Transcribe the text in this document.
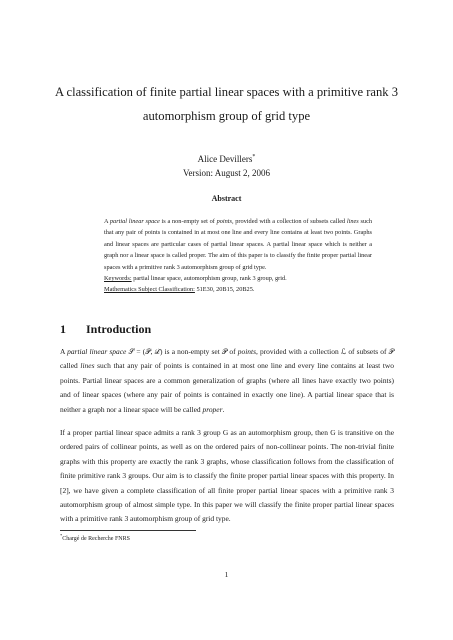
A classification of finite partial linear spaces with a primitive rank 3 automorphism group of grid type
Alice Devillers*
Version: August 2, 2006
Abstract
A partial linear space is a non-empty set of points, provided with a collection of subsets called lines such that any pair of points is contained in at most one line and every line contains at least two points. Graphs and linear spaces are particular cases of partial linear spaces. A partial linear space which is neither a graph nor a linear space is called proper. The aim of this paper is to classify the finite proper partial linear spaces with a primitive rank 3 automorphism group of grid type.
Keywords: partial linear space, automorphism group, rank 3 group, grid.
Mathematics Subject Classification: 51E30, 20B15, 20B25.
1 Introduction
A partial linear space 𝒮 = (𝒫, ℒ) is a non-empty set 𝒫 of points, provided with a collection ℒ of subsets of 𝒫 called lines such that any pair of points is contained in at most one line and every line contains at least two points. Partial linear spaces are a common generalization of graphs (where all lines have exactly two points) and of linear spaces (where any pair of points is contained in exactly one line). A partial linear space that is neither a graph nor a linear space will be called proper.
If a proper partial linear space admits a rank 3 group G as an automorphism group, then G is transitive on the ordered pairs of collinear points, as well as on the ordered pairs of non-collinear points. The non-trivial finite graphs with this property are exactly the rank 3 graphs, whose classification follows from the classification of finite primitive rank 3 groups. Our aim is to classify the finite proper partial linear spaces with this property. In [2], we have given a complete classification of all finite proper partial linear spaces with a primitive rank 3 automorphism group of almost simple type. In this paper we will classify the finite proper partial linear spaces with a primitive rank 3 automorphism group of grid type.
*Chargé de Recherche FNRS
1
